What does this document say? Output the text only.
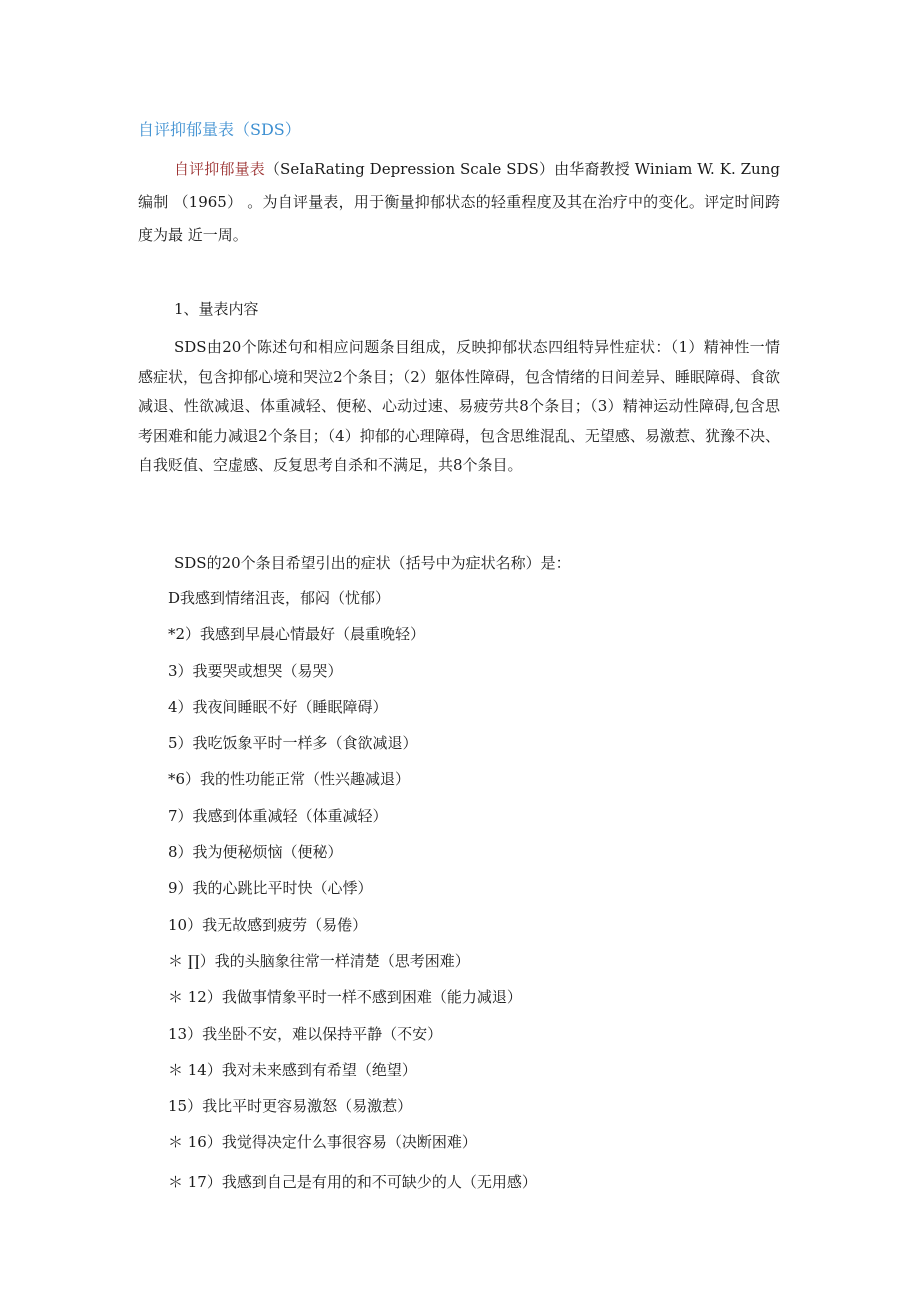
自评抑郁量表（SDS）

自评抑郁量表（SeIaRating Depression Scale SDS）由华裔教授 Winiam W. K. Zung 编制 （1965） 。为自评量表，用于衡量抑郁状态的轻重程度及其在治疗中的变化。评定时间跨度为最 近一周。

1、量表内容

SDS由20个陈述句和相应问题条目组成，反映抑郁状态四组特异性症状：（1）精神性一情感症状，包含抑郁心境和哭泣2个条目；（2）躯体性障碍，包含情绪的日间差异、睡眠障碍、食欲减退、性欲减退、体重减轻、便秘、心动过速、易疲劳共8个条目；（3）精神运动性障碍,包含思考困难和能力减退2个条目；（4）抑郁的心理障碍，包含思维混乱、无望感、易激惹、犹豫不决、自我贬值、空虚感、反复思考自杀和不满足，共8个条目。

SDS的20个条目希望引出的症状（括号中为症状名称）是：
D我感到情绪沮丧，郁闷（忧郁）
*2）我感到早晨心情最好（晨重晚轻）
3）我要哭或想哭（易哭）
4）我夜间睡眠不好（睡眠障碍）
5）我吃饭象平时一样多（食欲减退）
*6）我的性功能正常（性兴趣减退）
7）我感到体重减轻（体重减轻）
8）我为便秘烦恼（便秘）
9）我的心跳比平时快（心悸）
10）我无故感到疲劳（易倦）
＊ ∏）我的头脑象往常一样清楚（思考困难）
＊ 12）我做事情象平时一样不感到困难（能力减退）
13）我坐卧不安，难以保持平静（不安）
＊ 14）我对未来感到有希望（绝望）
15）我比平时更容易激怒（易激惹）
＊ 16）我觉得决定什么事很容易（决断困难）
＊ 17）我感到自己是有用的和不可缺少的人（无用感）
